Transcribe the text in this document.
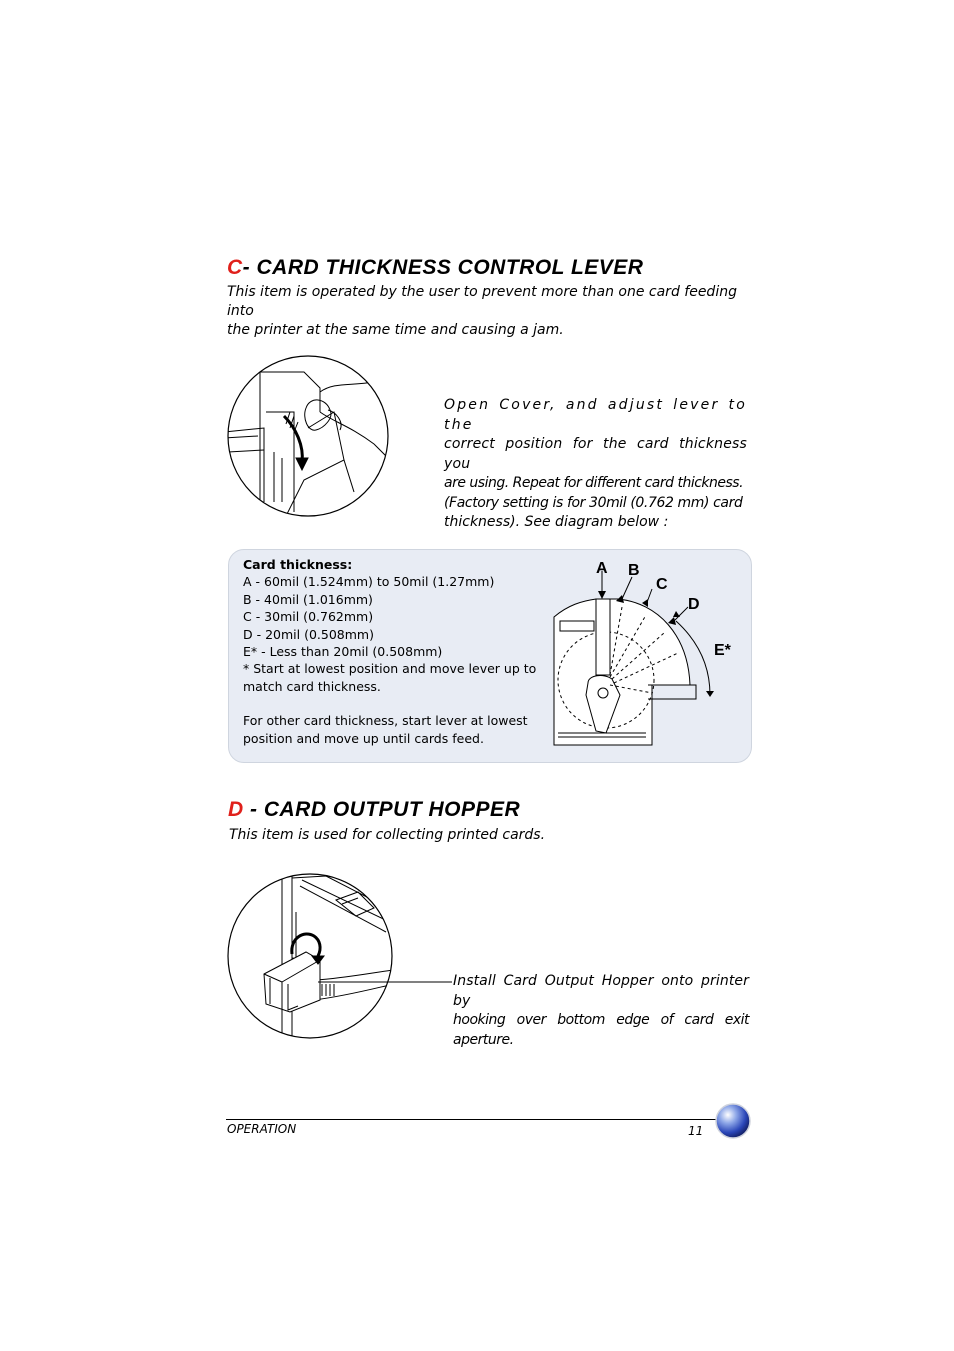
C- CARD THICKNESS CONTROL LEVER
This item is operated by the user to prevent more than one card feeding into
the printer at the same time and causing a jam.
Open Cover, and adjust lever to the
correct position for the card thickness you
are using. Repeat for different card thickness.
(Factory setting is for 30mil (0.762 mm) card
thickness). See diagram below :
Card thickness:
A - 60mil (1.524mm) to 50mil (1.27mm)
B - 40mil (1.016mm)
C - 30mil (0.762mm)
D - 20mil (0.508mm)
E* - Less than 20mil (0.508mm)
* Start at lowest position and move lever up to
match card thickness.
For other card thickness, start lever at lowest
position and move up until cards feed.
A B
C
D
E*
D - CARD OUTPUT HOPPER
This item is used for collecting printed cards.
Install Card Output Hopper onto printer by
hooking over bottom edge of card exit aperture.
OPERATION	11
